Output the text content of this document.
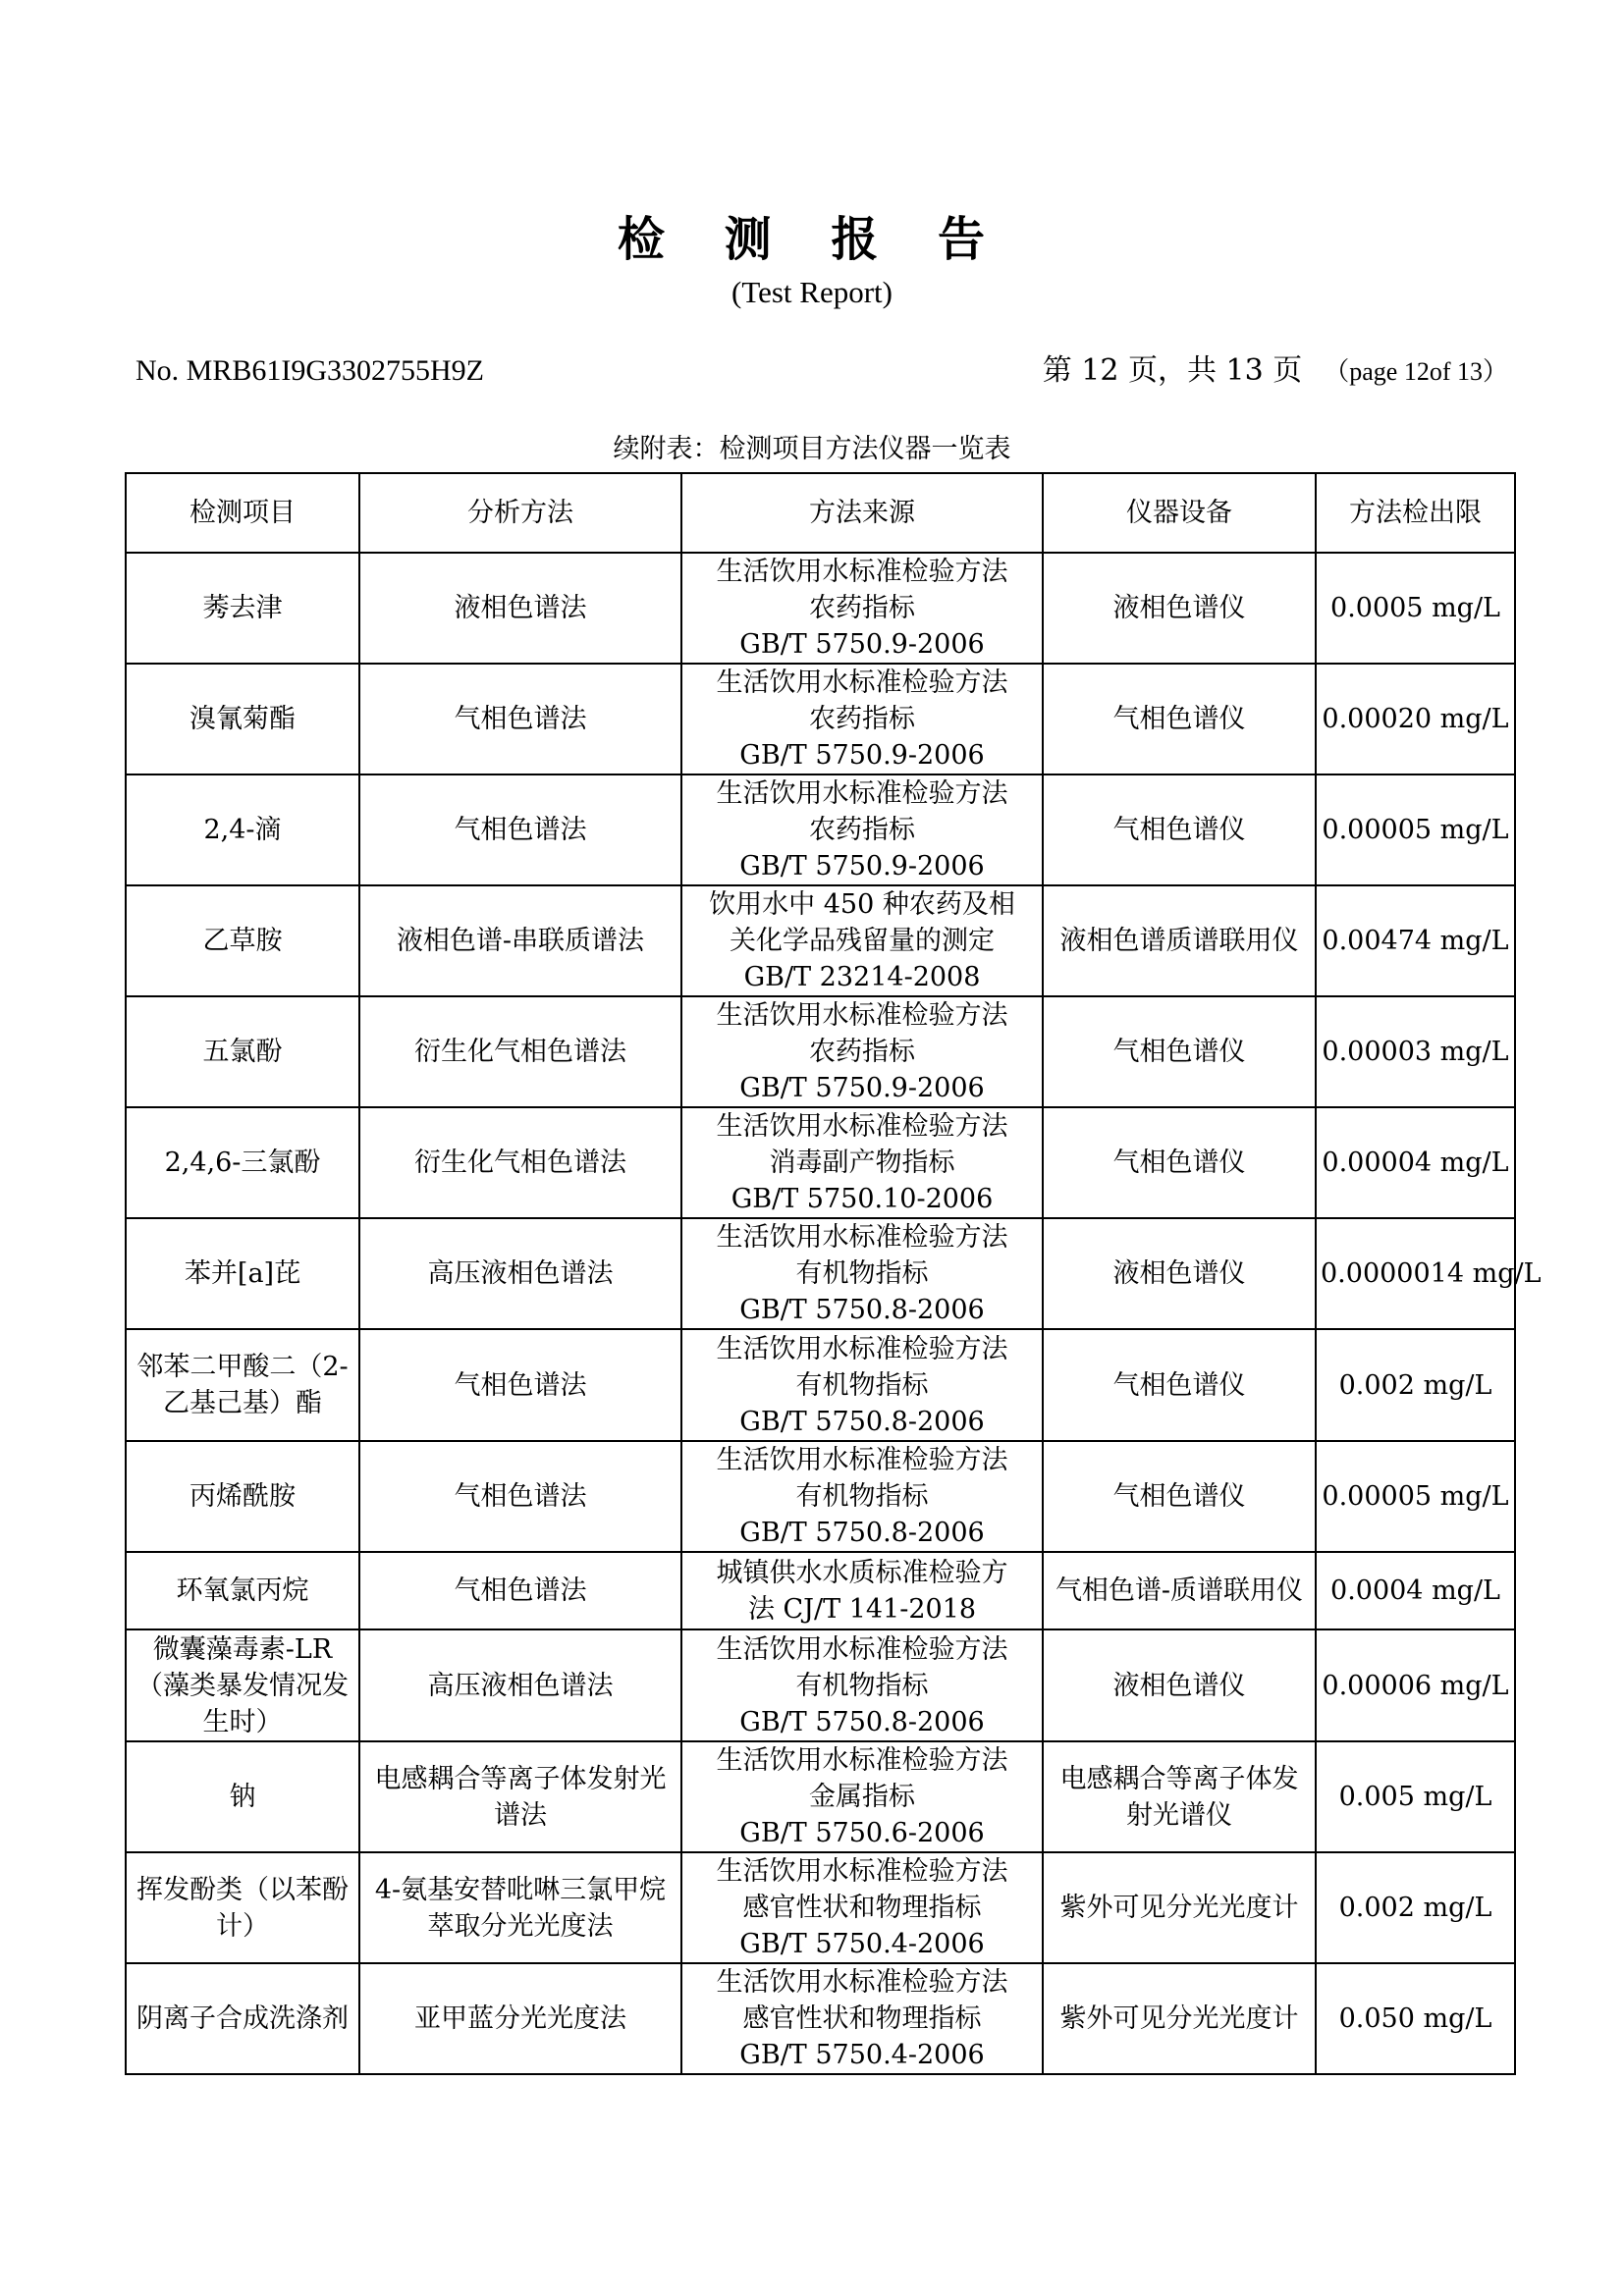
检 测 报 告
(Test Report)
No. MRB61I9G3302755H9Z	第 12 页，共 13 页 （page 12of 13）
续附表：检测项目方法仪器一览表
检测项目	分析方法	方法来源	仪器设备	方法检出限
莠去津	液相色谱法	生活饮用水标准检验方法
农药指标
GB/T 5750.9-2006	液相色谱仪	0.0005 mg/L
溴氰菊酯	气相色谱法	生活饮用水标准检验方法
农药指标
GB/T 5750.9-2006	气相色谱仪	0.00020 mg/L
2,4-滴	气相色谱法	生活饮用水标准检验方法
农药指标
GB/T 5750.9-2006	气相色谱仪	0.00005 mg/L
乙草胺	液相色谱-串联质谱法	饮用水中 450 种农药及相
关化学品残留量的测定
GB/T 23214-2008	液相色谱质谱联用仪	0.00474 mg/L
五氯酚	衍生化气相色谱法	生活饮用水标准检验方法
农药指标
GB/T 5750.9-2006	气相色谱仪	0.00003 mg/L
2,4,6-三氯酚	衍生化气相色谱法	生活饮用水标准检验方法
消毒副产物指标
GB/T 5750.10-2006	气相色谱仪	0.00004 mg/L
苯并[a]芘	高压液相色谱法	生活饮用水标准检验方法
有机物指标
GB/T 5750.8-2006	液相色谱仪	0.0000014 mg/L
邻苯二甲酸二（2-乙基己基）酯	气相色谱法	生活饮用水标准检验方法
有机物指标
GB/T 5750.8-2006	气相色谱仪	0.002 mg/L
丙烯酰胺	气相色谱法	生活饮用水标准检验方法
有机物指标
GB/T 5750.8-2006	气相色谱仪	0.00005 mg/L
环氧氯丙烷	气相色谱法	城镇供水水质标准检验方
法 CJ/T 141-2018	气相色谱-质谱联用仪	0.0004 mg/L
微囊藻毒素-LR（藻类暴发情况发生时）	高压液相色谱法	生活饮用水标准检验方法
有机物指标
GB/T 5750.8-2006	液相色谱仪	0.00006 mg/L
钠	电感耦合等离子体发射光谱法	生活饮用水标准检验方法
金属指标
GB/T 5750.6-2006	电感耦合等离子体发射光谱仪	0.005 mg/L
挥发酚类（以苯酚计）	4-氨基安替吡啉三氯甲烷萃取分光光度法	生活饮用水标准检验方法
感官性状和物理指标
GB/T 5750.4-2006	紫外可见分光光度计	0.002 mg/L
阴离子合成洗涤剂	亚甲蓝分光光度法	生活饮用水标准检验方法
感官性状和物理指标
GB/T 5750.4-2006	紫外可见分光光度计	0.050 mg/L
